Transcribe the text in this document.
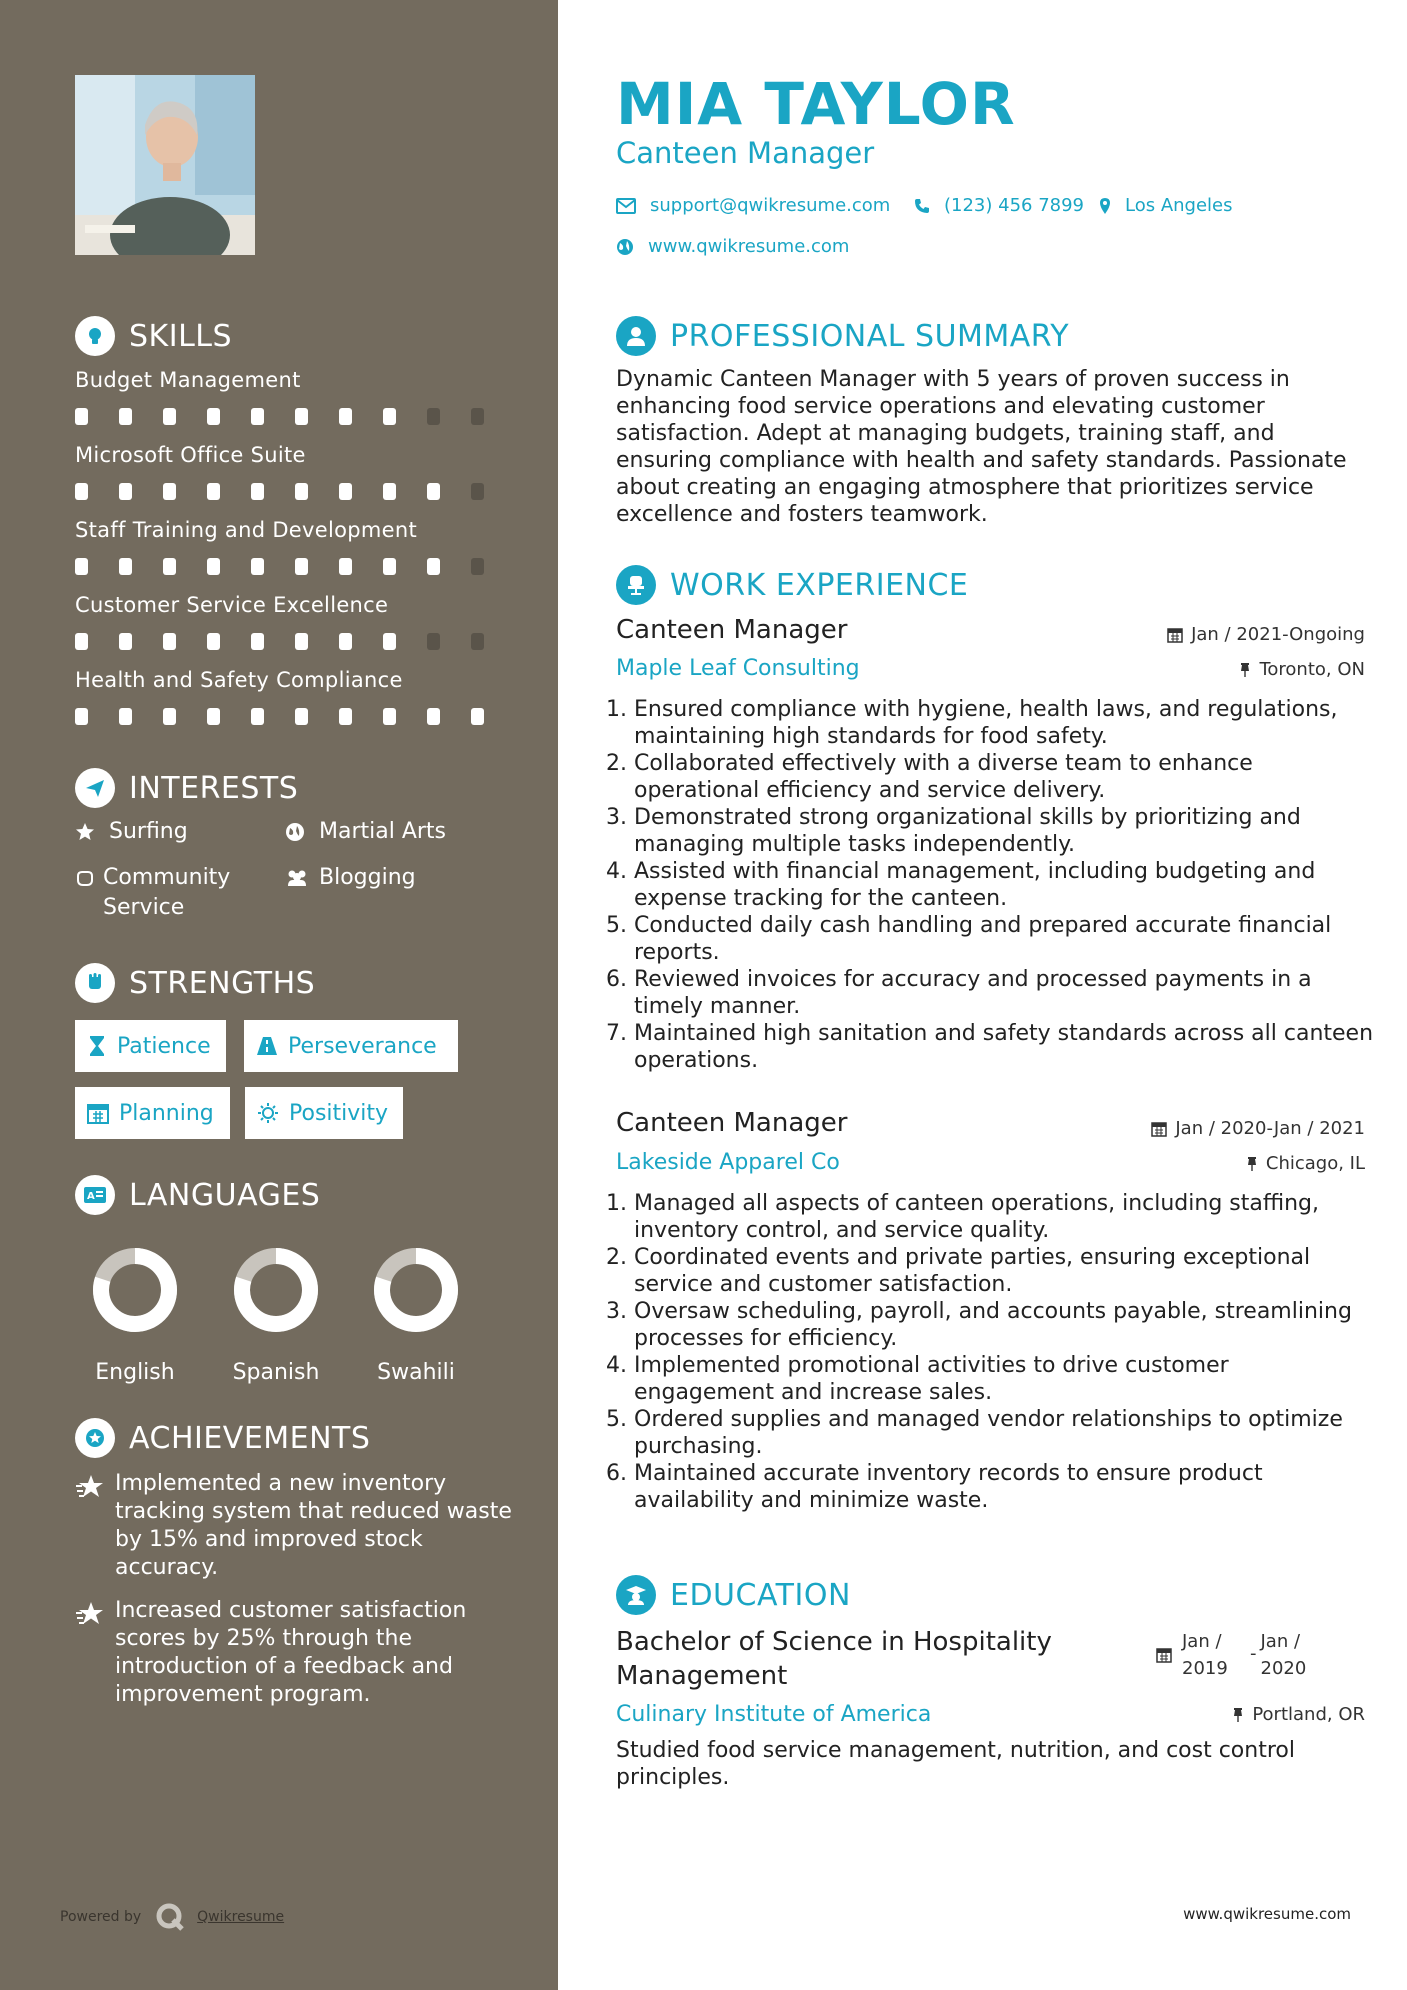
SKILLS
Budget Management
Microsoft Office Suite
Staff Training and Development
Customer Service Excellence
Health and Safety Compliance
INTERESTS
Surfing	Martial Arts
Community Service
Blogging
STRENGTHS
Patience	Perseverance
Planning	Positivity
A LANGUAGES
English	Spanish	Swahili
ACHIEVEMENTS
Implemented a new inventory tracking system that reduced waste by 15% and improved stock accuracy.
Increased customer satisfaction scores by 25% through the introduction of a feedback and improvement program.
Powered by	Qwikresume
MIA TAYLOR
Canteen Manager
support@qwikresume.com	(123) 456 7899 Los Angeles
www.qwikresume.com
PROFESSIONAL SUMMARY
Dynamic Canteen Manager with 5 years of proven success in enhancing food service operations and elevating customer satisfaction. Adept at managing budgets, training staff, and ensuring compliance with health and safety standards. Passionate about creating an engaging atmosphere that prioritizes service excellence and fosters teamwork.
WORK EXPERIENCE
Canteen Manager	Jan / 2021-Ongoing
Maple Leaf Consulting	Toronto, ON
1. Ensured compliance with hygiene, health laws, and regulations, maintaining high standards for food safety.
2. Collaborated effectively with a diverse team to enhance operational efficiency and service delivery.
3. Demonstrated strong organizational skills by prioritizing and managing multiple tasks independently.
4. Assisted with financial management, including budgeting and expense tracking for the canteen.
5. Conducted daily cash handling and prepared accurate financial reports.
6. Reviewed invoices for accuracy and processed payments in a timely manner.
7. Maintained high sanitation and safety standards across all canteen operations.
Canteen Manager	Jan / 2020-Jan / 2021
Lakeside Apparel Co	Chicago, IL
1. Managed all aspects of canteen operations, including staffing, inventory control, and service quality.
2. Coordinated events and private parties, ensuring exceptional service and customer satisfaction.
3. Oversaw scheduling, payroll, and accounts payable, streamlining processes for efficiency.
4. Implemented promotional activities to drive customer engagement and increase sales.
5. Ordered supplies and managed vendor relationships to optimize purchasing.
6. Maintained accurate inventory records to ensure product availability and minimize waste.
EDUCATION
Bachelor of Science in Hospitality Management
Jan /
2019
-
Jan /
2020
Culinary Institute of America	Portland, OR
Studied food service management, nutrition, and cost control principles.
www.qwikresume.com
